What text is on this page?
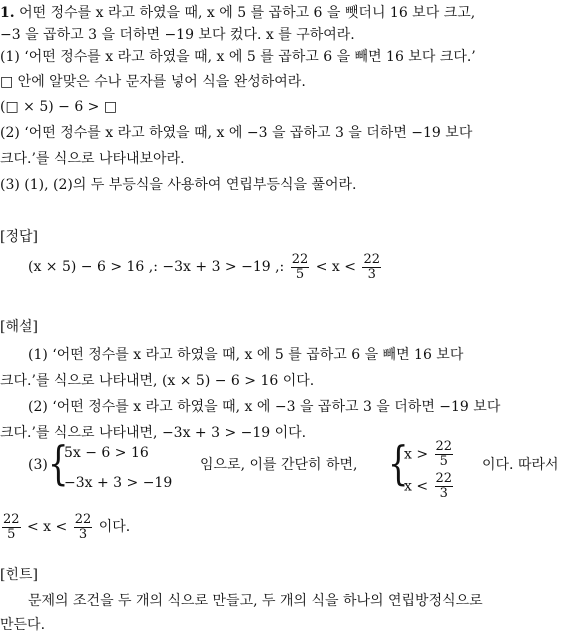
1. 어떤 정수를 x 라고 하였을 때, x 에 5 를 곱하고 6 을 뺏더니 16 보다 크고,
−3 을 곱하고 3 을 더하면 −19 보다 컸다. x 를 구하여라.
(1) ‘어떤 정수를 x 라고 하였을 때, x 에 5 를 곱하고 6 을 빼면 16 보다 크다.’
□ 안에 알맞은 수나 문자를 넣어 식을 완성하여라.
(□ × 5) − 6 > □
(2) ‘어떤 정수를 x 라고 하였을 때, x 에 −3 을 곱하고 3 을 더하면 −19 보다
크다.’를 식으로 나타내보아라.
(3) (1), (2)의 두 부등식을 사용하여 연립부등식을 풀어라.
[정답]
(x × 5) − 6 > 16 ,: −3x + 3 > −19 ,: $\frac{22}{5} < x < \frac{22}{3}$
[해설]
(1) ‘어떤 정수를 x 라고 하였을 때, x 에 5 를 곱하고 6 을 빼면 16 보다
크다.’를 식으로 나타내면, (x × 5) − 6 > 16 이다.
(2) ‘어떤 정수를 x 라고 하였을 때, x 에 −3 을 곱하고 3 을 더하면 −19 보다
크다.’를 식으로 나타내면, −3x + 3 > −19 이다.
(3) {
5x − 6 > 16
−3x + 3 > −19
임으로, 이를 간단히 하면, {
$x > \frac{22}{5}$
$x < \frac{22}{3}$
이다. 따라서
$\frac{22}{5} < x < \frac{22}{3}$ 이다.
[힌트]
문제의 조건을 두 개의 식으로 만들고, 두 개의 식을 하나의 연립방정식으로
만든다.
